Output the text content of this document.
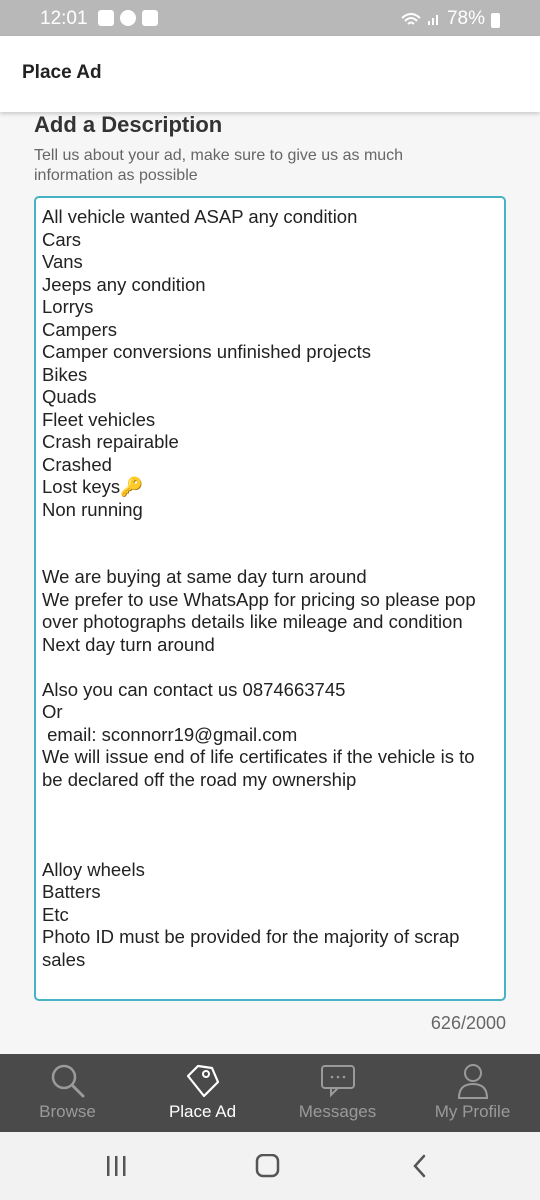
12:01	78%
Place Ad
Add a Description
Tell us about your ad, make sure to give us as much information as possible
All vehicle wanted ASAP any condition
Cars
Vans
Jeeps any condition
Lorrys
Campers
Camper conversions unfinished projects
Bikes
Quads
Fleet vehicles
Crash repairable
Crashed
Lost keys🔑
Non running

We are buying at same day turn around
We prefer to use WhatsApp for pricing so please pop over photographs details like mileage and condition
Next day turn around

Also you can contact us 0874663745
Or
email: sconnorr19@gmail.com
We will issue end of life certificates if the vehicle is to be declared off the road my ownership

Alloy wheels
Batters
Etc
Photo ID must be provided for the majority of scrap sales
626/2000
Browse	Place Ad	Messages	My Profile
